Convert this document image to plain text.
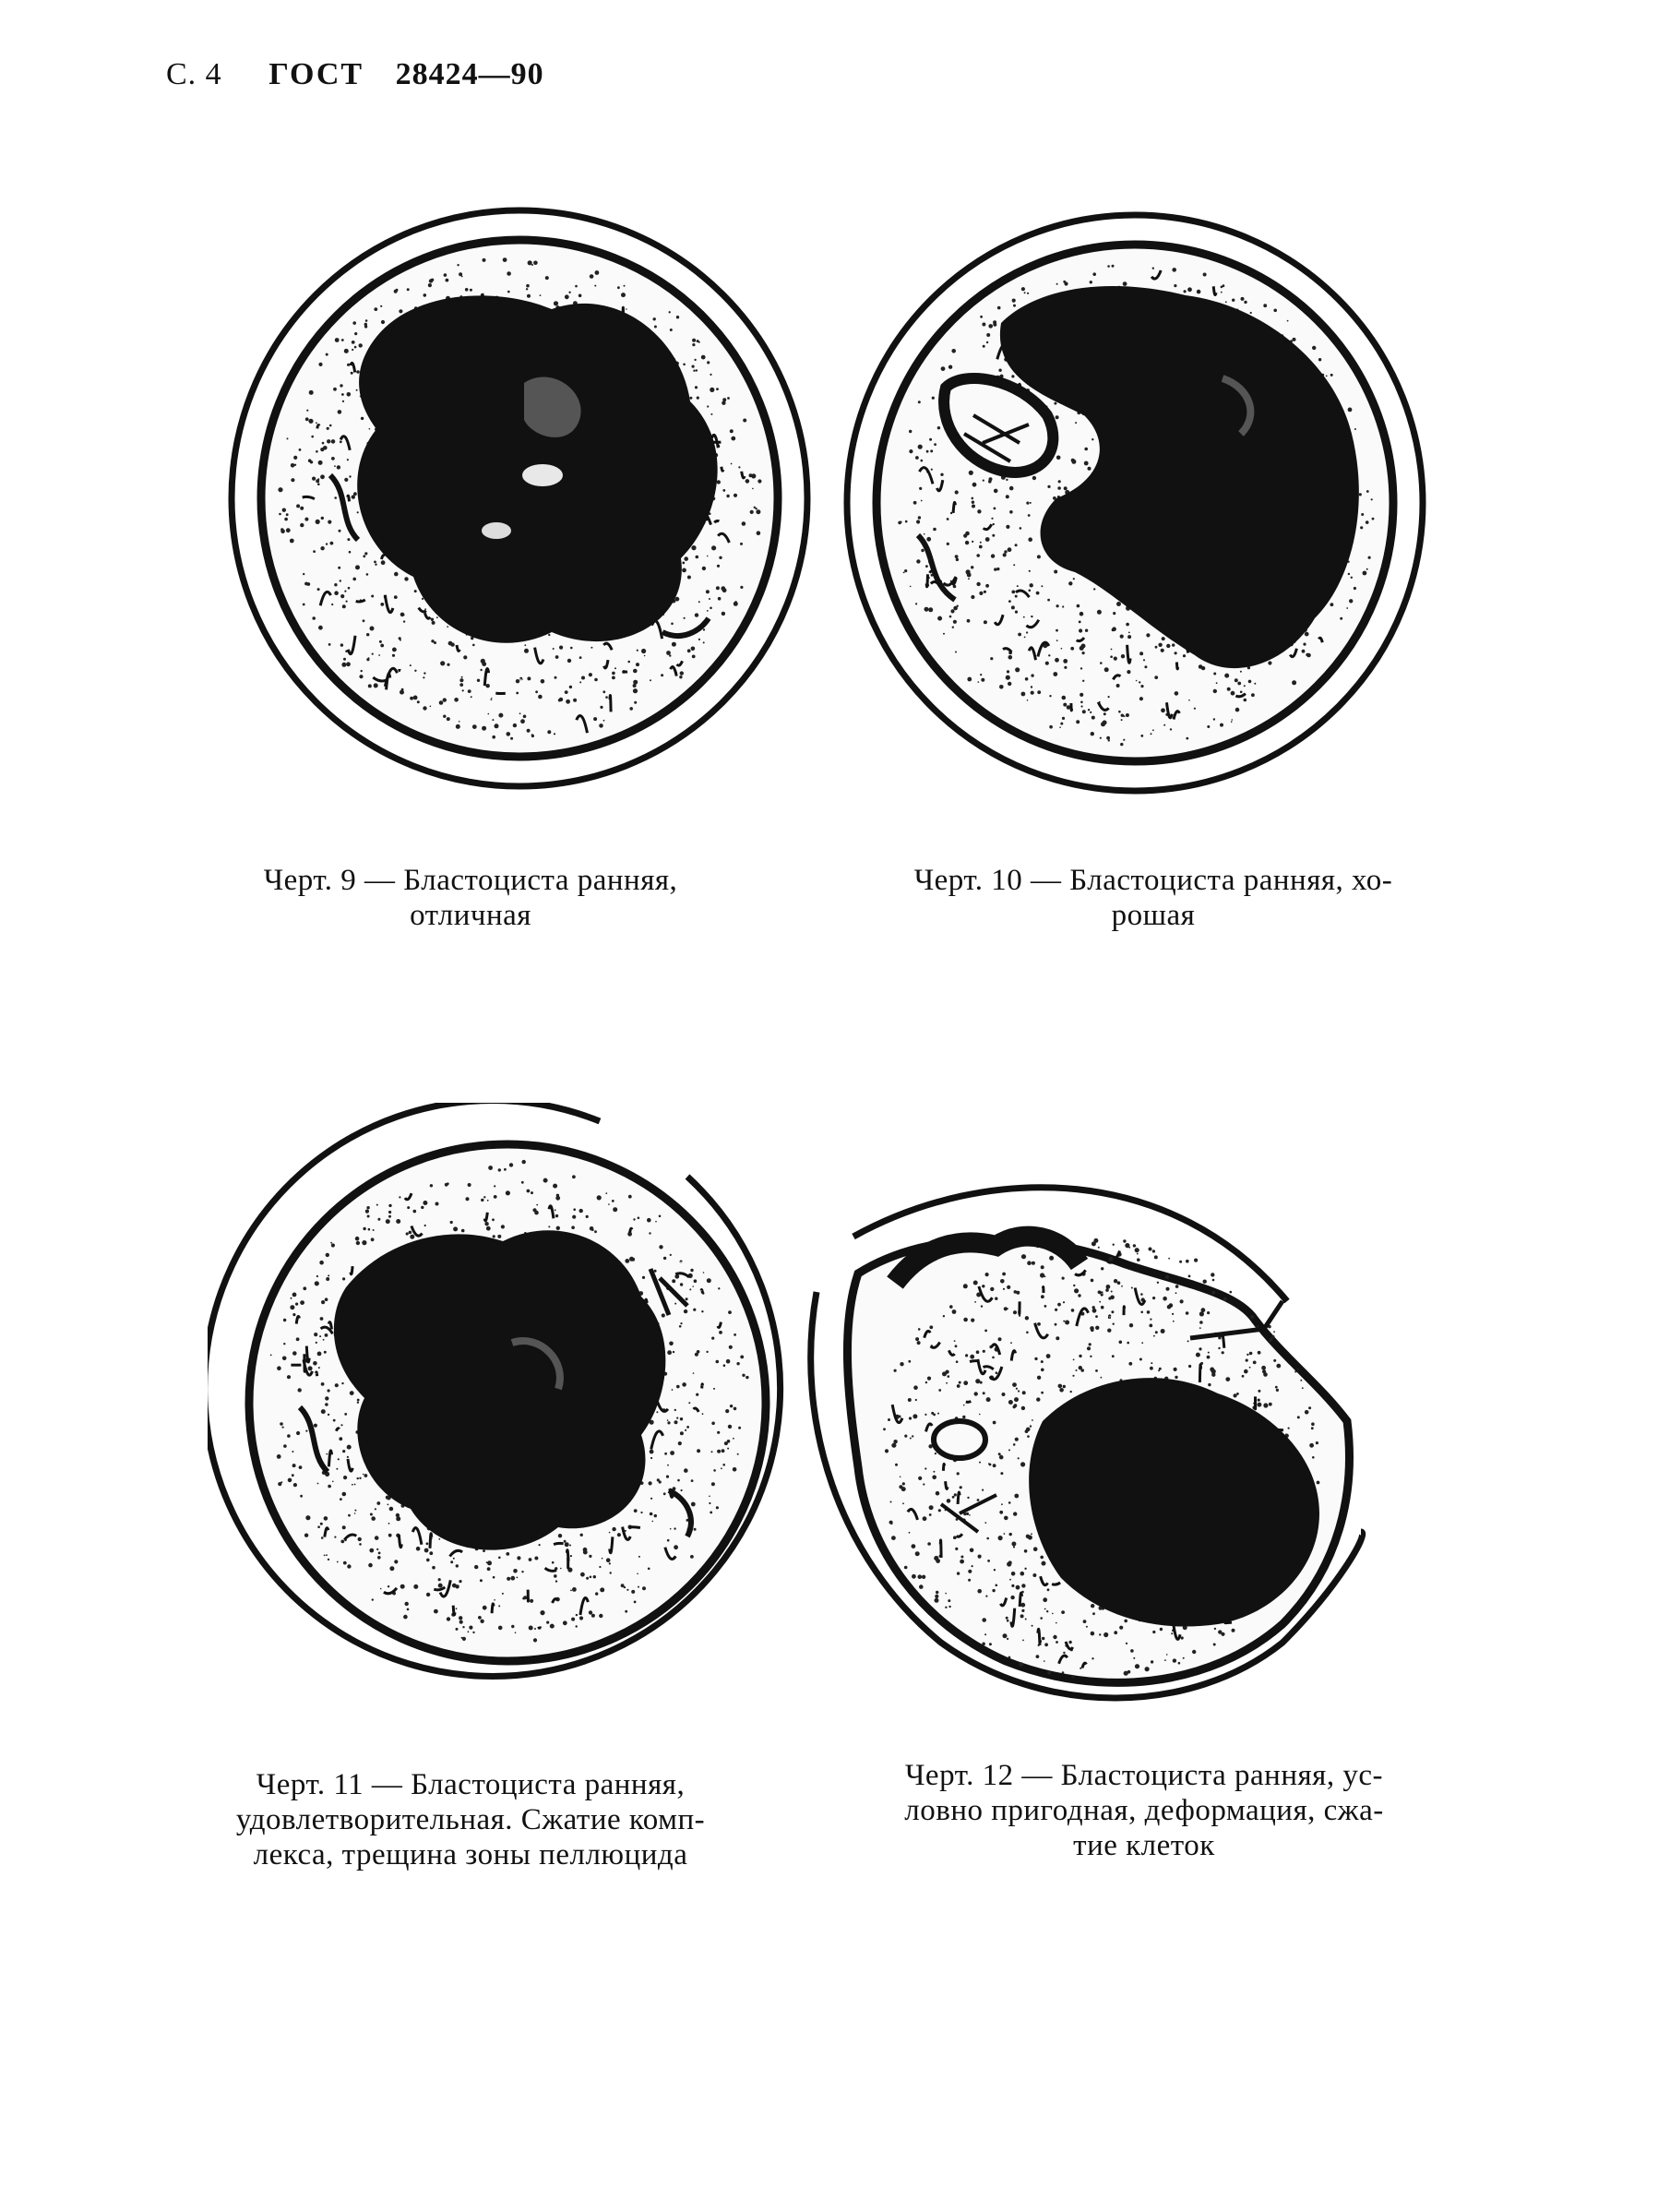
С. 4 ГОСТ 28424—90
Черт. 9 — Бластоциста ранняя,
отличная
Черт. 10 — Бластоциста ранняя, хо-
рошая
Черт. 11 — Бластоциста ранняя,
удовлетворительная. Сжатие комп-
лекса, трещина зоны пеллюцида
Черт. 12 — Бластоциста ранняя, ус-
ловно пригодная, деформация, сжа-
тие клеток
